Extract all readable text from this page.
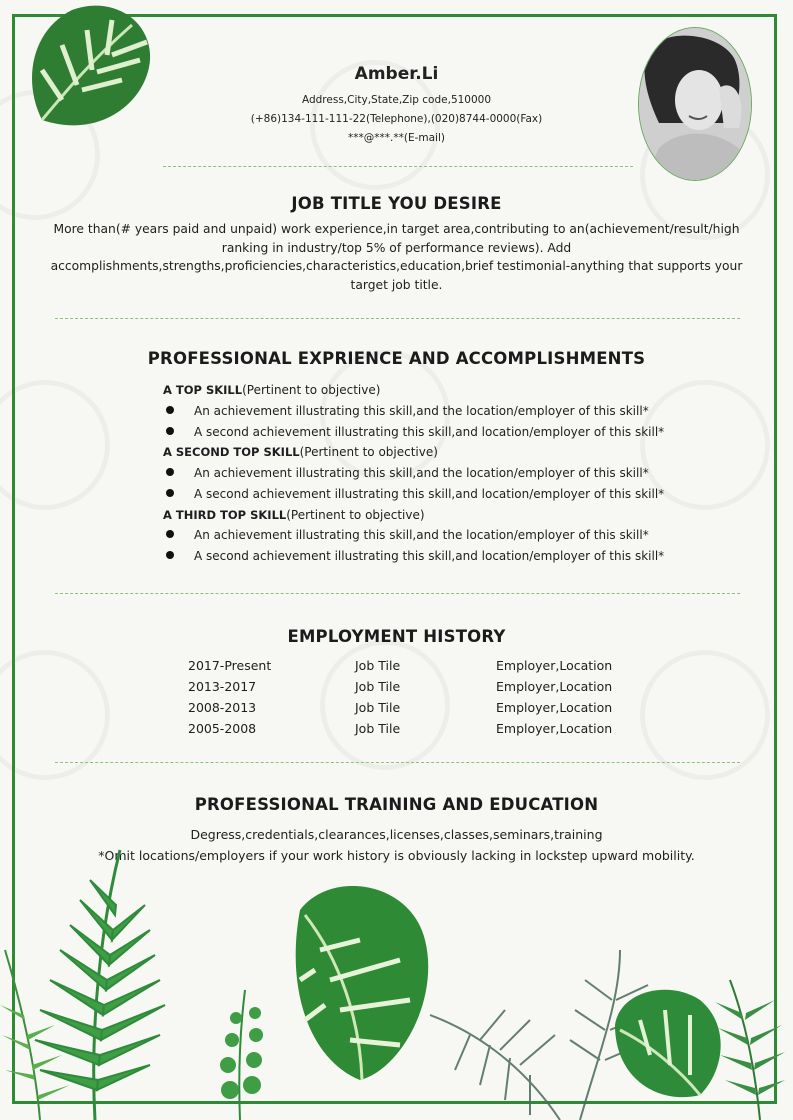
Amber.Li
Address,City,State,Zip code,510000
(+86)134-111-111-22(Telephone),(020)8744-0000(Fax)
***@***.**(E-mail)
JOB TITLE YOU DESIRE
More than(# years paid and unpaid) work experience,in target area,contributing to an(achievement/result/high ranking in industry/top 5% of performance reviews). Add accomplishments,strengths,proficiencies,characteristics,education,brief testimonial-anything that supports your target job title.
PROFESSIONAL EXPRIENCE AND ACCOMPLISHMENTS
A TOP SKILL(Pertinent to objective)
An achievement illustrating this skill,and the location/employer of this skill*
A second achievement illustrating this skill,and location/employer of this skill*
A SECOND TOP SKILL(Pertinent to objective)
An achievement illustrating this skill,and the location/employer of this skill*
A second achievement illustrating this skill,and location/employer of this skill*
A THIRD TOP SKILL(Pertinent to objective)
An achievement illustrating this skill,and the location/employer of this skill*
A second achievement illustrating this skill,and location/employer of this skill*
EMPLOYMENT HISTORY
2017-Present	Job Tile	Employer,Location
2013-2017	Job Tile	Employer,Location
2008-2013	Job Tile	Employer,Location
2005-2008	Job Tile	Employer,Location
PROFESSIONAL TRAINING AND EDUCATION
Degress,credentials,clearances,licenses,classes,seminars,training
*Omit locations/employers if your work history is obviously lacking in lockstep upward mobility.
